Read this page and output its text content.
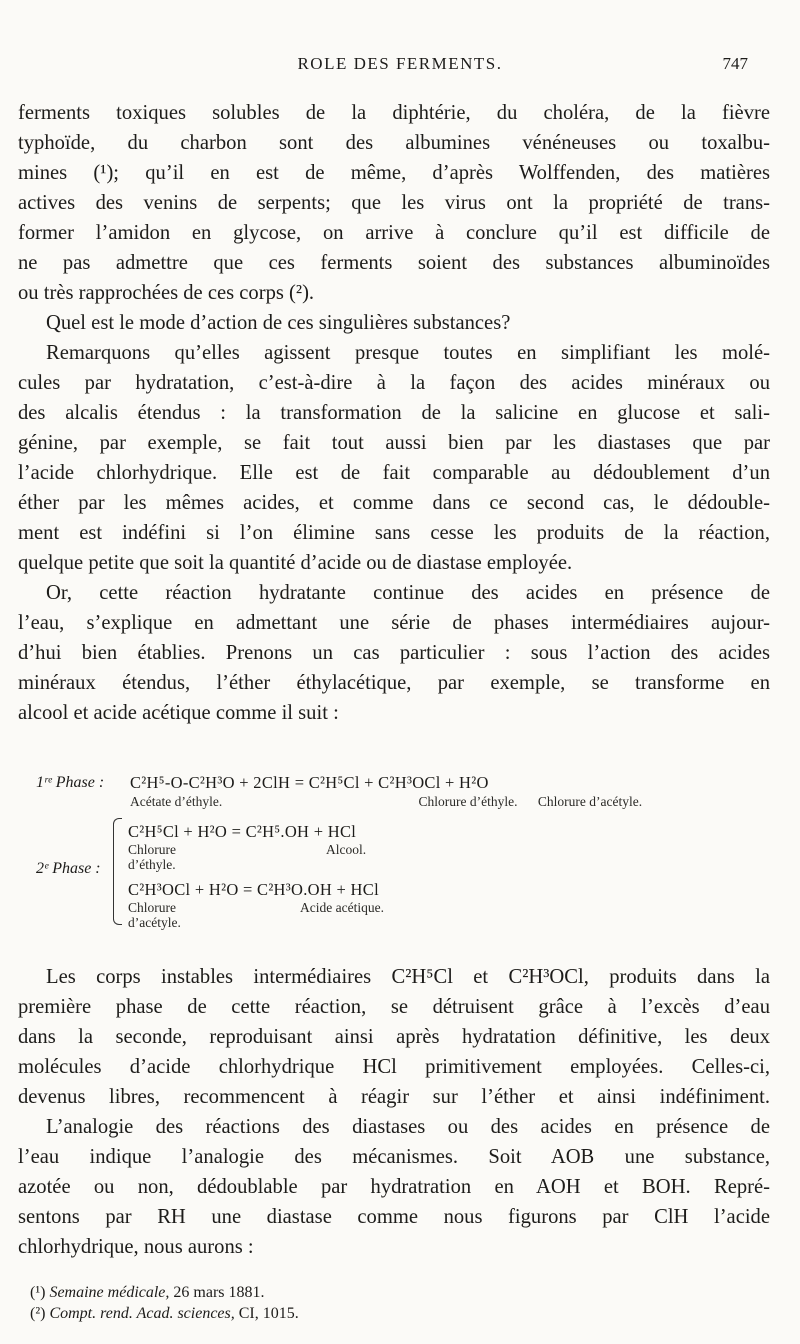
ROLE DES FERMENTS.	747

ferments toxiques solubles de la diphtérie, du choléra, de la fièvre
typhoïde, du charbon sont des albumines vénéneuses ou toxalbu-
mines (¹); qu’il en est de même, d’après Wolffenden, des matières
actives des venins de serpents; que les virus ont la propriété de trans-
former l’amidon en glycose, on arrive à conclure qu’il est difficile de
ne pas admettre que ces ferments soient des substances albuminoïdes
ou très rapprochées de ces corps (²).

Quel est le mode d’action de ces singulières substances?

Remarquons qu’elles agissent presque toutes en simplifiant les molé-
cules par hydratation, c’est-à-dire à la façon des acides minéraux ou
des alcalis étendus : la transformation de la salicine en glucose et sali-
génine, par exemple, se fait tout aussi bien par les diastases que par
l’acide chlorhydrique. Elle est de fait comparable au dédoublement d’un
éther par les mêmes acides, et comme dans ce second cas, le dédouble-
ment est indéfini si l’on élimine sans cesse les produits de la réaction,
quelque petite que soit la quantité d’acide ou de diastase employée.

Or, cette réaction hydratante continue des acides en présence de
l’eau, s’explique en admettant une série de phases intermédiaires aujour-
d’hui bien établies. Prenons un cas particulier : sous l’action des acides
minéraux étendus, l’éther éthylacétique, par exemple, se transforme en
alcool et acide acétique comme il suit :

1ʳᵉ Phase : C²H⁵-O-C²H³O + 2ClH = C²H⁵Cl + C²H³OCl + H²O
Acétate d’éthyle.	Chlorure d’éthyle.	Chlorure d’acétyle.
2ᵉ Phase :
C²H⁵Cl + H²O = C²H⁵.OH + HCl
Chlorure d’éthyle.
Alcool.
C²H³OCl + H²O = C²H³O.OH + HCl
Chlorure d’acétyle.
Acide acétique.

Les corps instables intermédiaires C²H⁵Cl et C²H³OCl, produits dans la
première phase de cette réaction, se détruisent grâce à l’excès d’eau
dans la seconde, reproduisant ainsi après hydratation définitive, les deux
molécules d’acide chlorhydrique HCl primitivement employées. Celles-ci,
devenus libres, recommencent à réagir sur l’éther et ainsi indéfiniment.

L’analogie des réactions des diastases ou des acides en présence de
l’eau indique l’analogie des mécanismes. Soit AOB une substance,
azotée ou non, dédoublable par hydratration en AOH et BOH. Repré-
sentons par RH une diastase comme nous figurons par ClH l’acide
chlorhydrique, nous aurons :

(¹) Semaine médicale, 26 mars 1881.
(²) Compt. rend. Acad. sciences, CI, 1015.
